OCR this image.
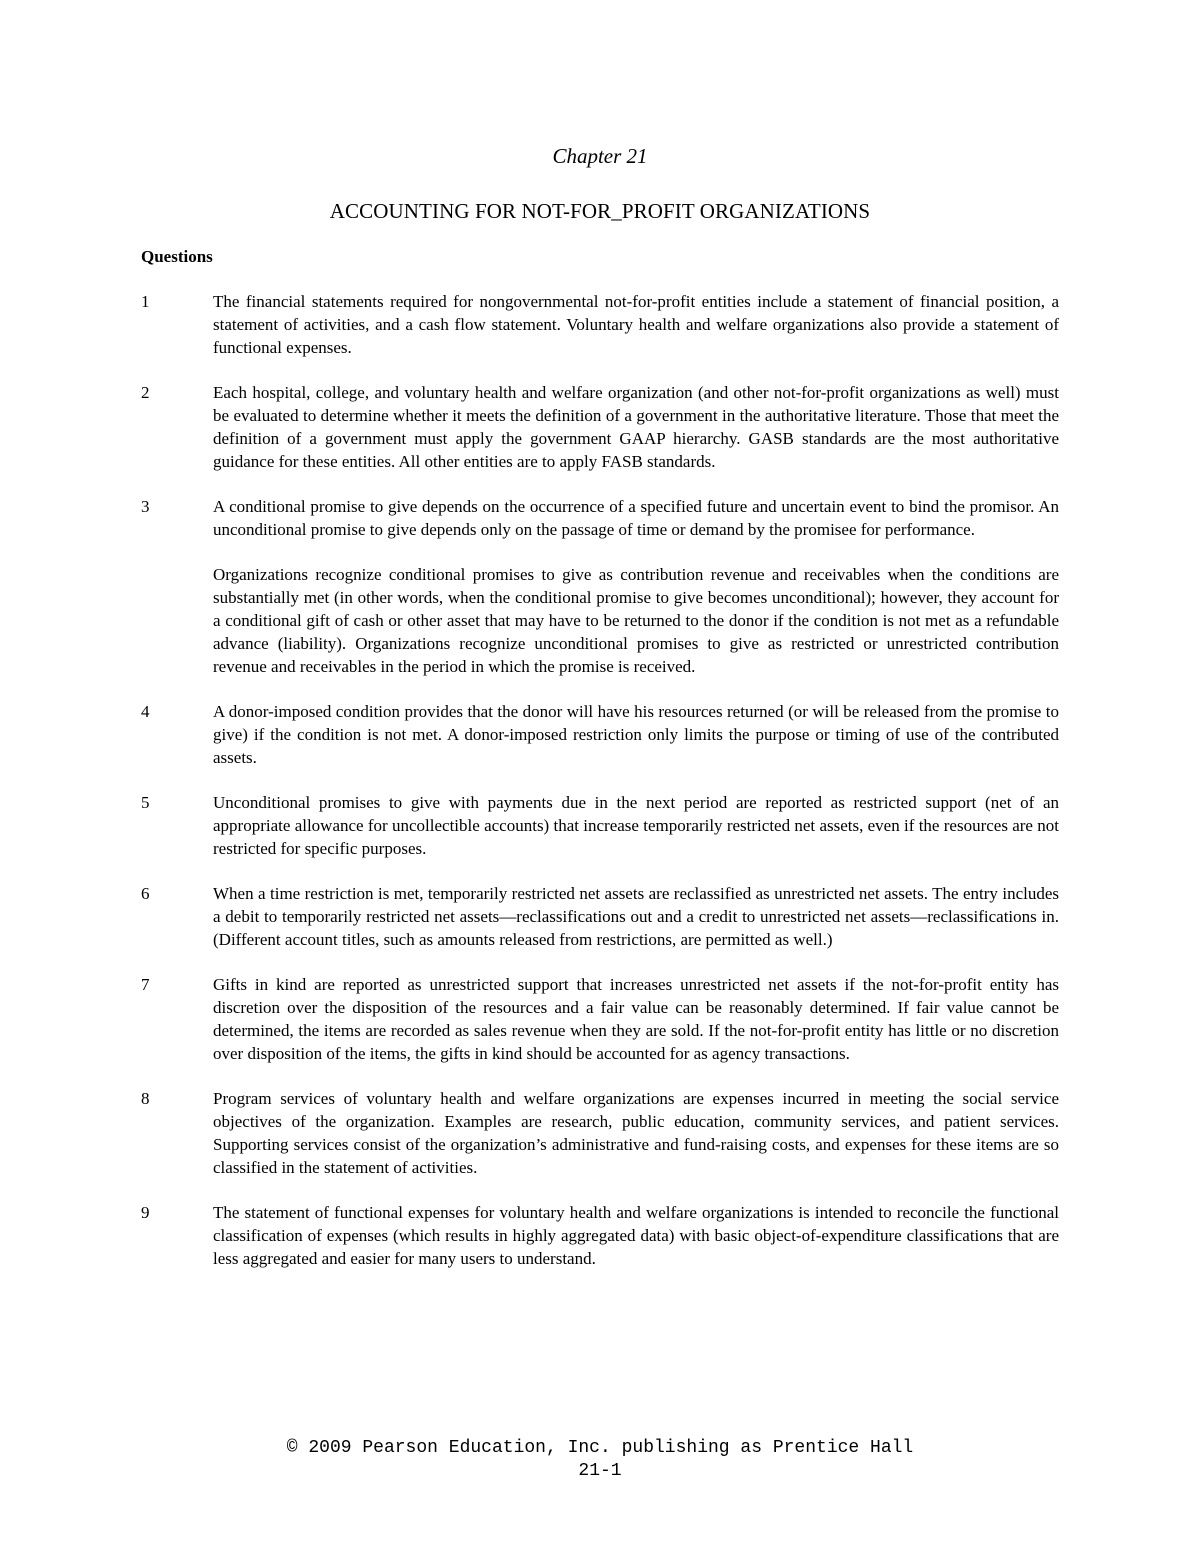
Chapter 21
ACCOUNTING FOR NOT-FOR_PROFIT ORGANIZATIONS
Questions
1	The financial statements required for nongovernmental not-for-profit entities include a statement of financial position, a statement of activities, and a cash flow statement. Voluntary health and welfare organizations also provide a statement of functional expenses.

2	Each hospital, college, and voluntary health and welfare organization (and other not-for-profit organizations as well) must be evaluated to determine whether it meets the definition of a government in the authoritative literature. Those that meet the definition of a government must apply the government GAAP hierarchy. GASB standards are the most authoritative guidance for these entities. All other entities are to apply FASB standards.

3	A conditional promise to give depends on the occurrence of a specified future and uncertain event to bind the promisor. An unconditional promise to give depends only on the passage of time or demand by the promisee for performance.

Organizations recognize conditional promises to give as contribution revenue and receivables when the conditions are substantially met (in other words, when the conditional promise to give becomes unconditional); however, they account for a conditional gift of cash or other asset that may have to be returned to the donor if the condition is not met as a refundable advance (liability). Organizations recognize unconditional promises to give as restricted or unrestricted contribution revenue and receivables in the period in which the promise is received.

4	A donor-imposed condition provides that the donor will have his resources returned (or will be released from the promise to give) if the condition is not met. A donor-imposed restriction only limits the purpose or timing of use of the contributed assets.

5	Unconditional promises to give with payments due in the next period are reported as restricted support (net of an appropriate allowance for uncollectible accounts) that increase temporarily restricted net assets, even if the resources are not restricted for specific purposes.

6	When a time restriction is met, temporarily restricted net assets are reclassified as unrestricted net assets. The entry includes a debit to temporarily restricted net assets—reclassifications out and a credit to unrestricted net assets—reclassifications in. (Different account titles, such as amounts released from restrictions, are permitted as well.)

7	Gifts in kind are reported as unrestricted support that increases unrestricted net assets if the not-for-profit entity has discretion over the disposition of the resources and a fair value can be reasonably determined. If fair value cannot be determined, the items are recorded as sales revenue when they are sold. If the not-for-profit entity has little or no discretion over disposition of the items, the gifts in kind should be accounted for as agency transactions.

8	Program services of voluntary health and welfare organizations are expenses incurred in meeting the social service objectives of the organization. Examples are research, public education, community services, and patient services. Supporting services consist of the organization’s administrative and fund-raising costs, and expenses for these items are so classified in the statement of activities.

9	The statement of functional expenses for voluntary health and welfare organizations is intended to reconcile the functional classification of expenses (which results in highly aggregated data) with basic object-of-expenditure classifications that are less aggregated and easier for many users to understand.

© 2009 Pearson Education, Inc. publishing as Prentice Hall
21-1
